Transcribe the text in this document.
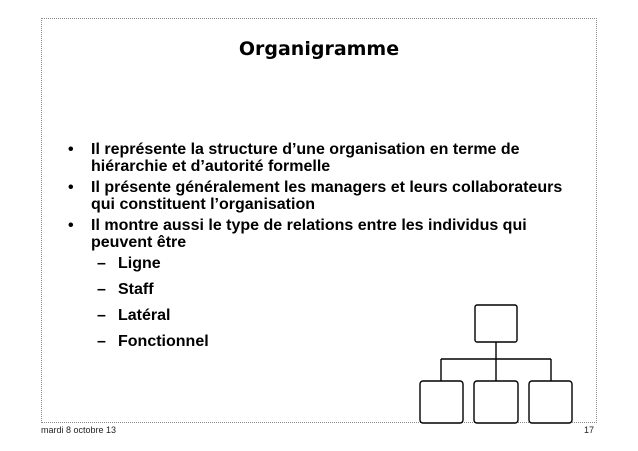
Organigramme
• Il représente la structure d’une organisation en terme de hiérarchie et d’autorité formelle
• Il présente généralement les managers et leurs collaborateurs qui constituent l’organisation
• Il montre aussi le type de relations entre les individus qui peuvent être
– Ligne
– Staff
– Latéral
– Fonctionnel
mardi 8 octobre 13	17
